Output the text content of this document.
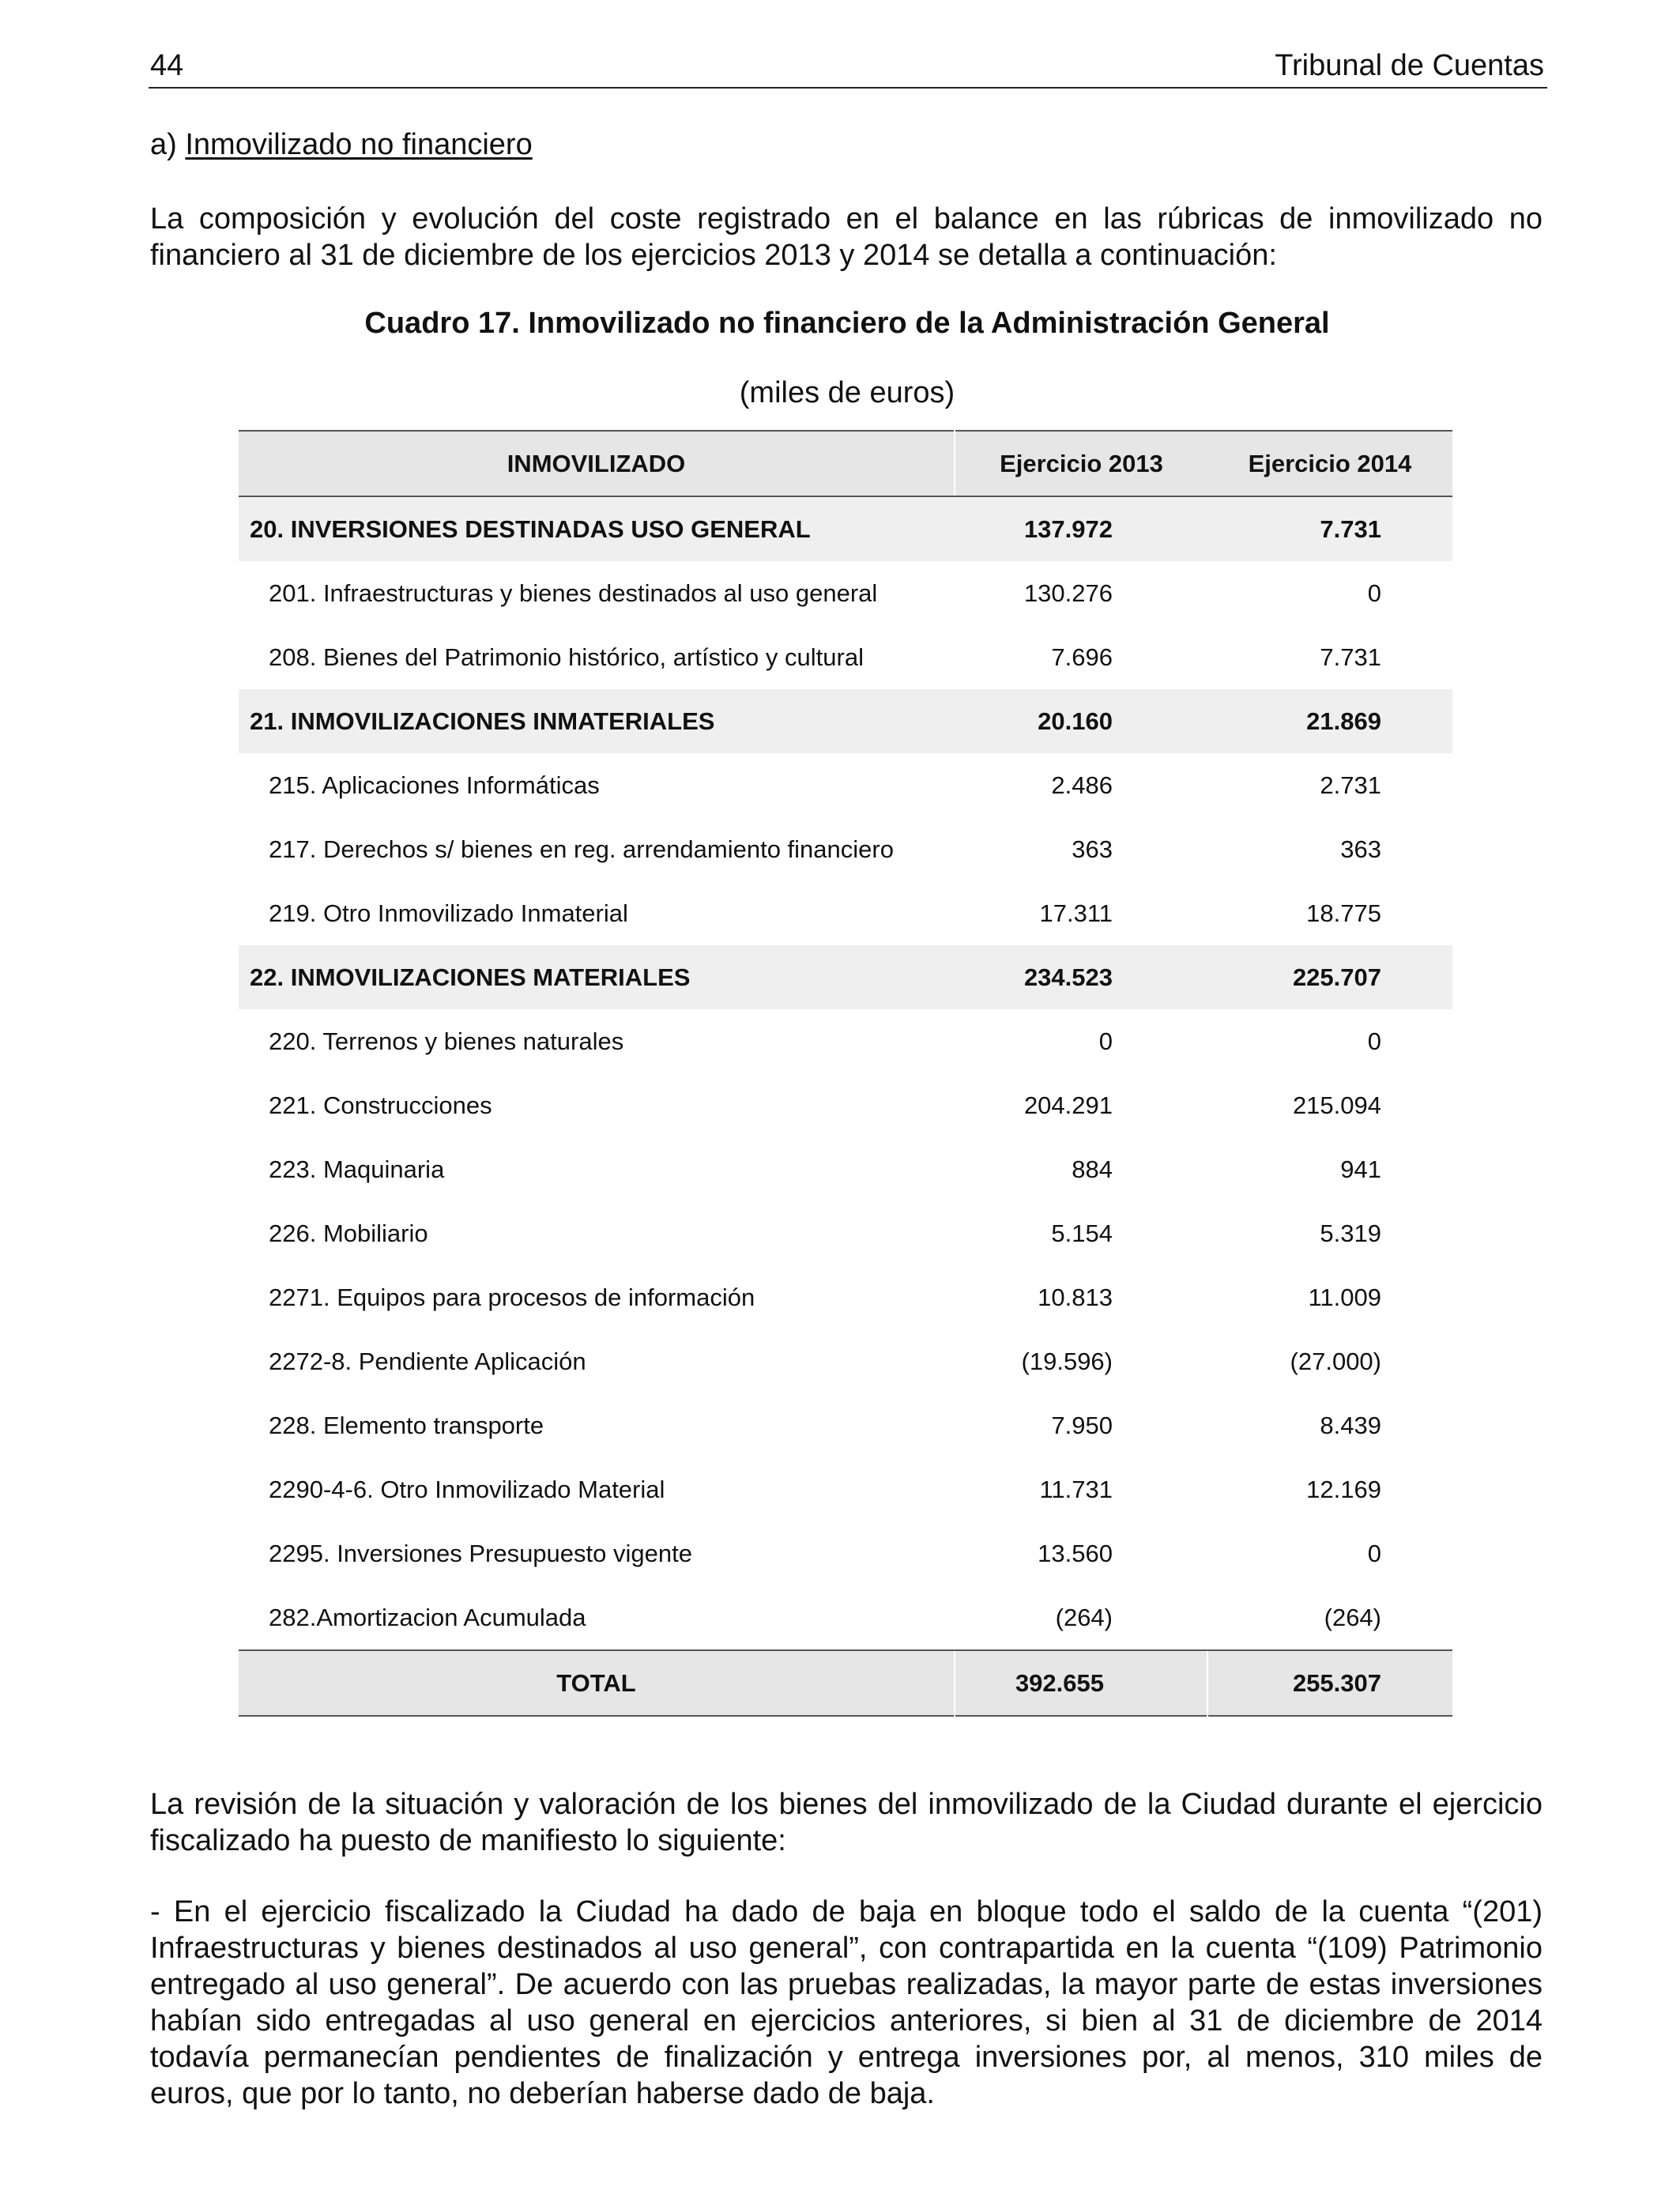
44	Tribunal de Cuentas
a) Inmovilizado no financiero
La composición y evolución del coste registrado en el balance en las rúbricas de inmovilizado no financiero al 31 de diciembre de los ejercicios 2013 y 2014 se detalla a continuación:
Cuadro 17. Inmovilizado no financiero de la Administración General
(miles de euros)
INMOVILIZADO	Ejercicio 2013	Ejercicio 2014
20. INVERSIONES DESTINADAS USO GENERAL	137.972	7.731
201. Infraestructuras y bienes destinados al uso general	130.276	0
208. Bienes del Patrimonio histórico, artístico y cultural	7.696	7.731
21. INMOVILIZACIONES INMATERIALES	20.160	21.869
215. Aplicaciones Informáticas	2.486	2.731
217. Derechos s/ bienes en reg. arrendamiento financiero	363	363
219. Otro Inmovilizado Inmaterial	17.311	18.775
22. INMOVILIZACIONES MATERIALES	234.523	225.707
220. Terrenos y bienes naturales	0	0
221. Construcciones	204.291	215.094
223. Maquinaria	884	941
226. Mobiliario	5.154	5.319
2271. Equipos para procesos de información	10.813	11.009
2272-8. Pendiente Aplicación	(19.596)	(27.000)
228. Elemento transporte	7.950	8.439
2290-4-6. Otro Inmovilizado Material	11.731	12.169
2295. Inversiones Presupuesto vigente	13.560	0
282.Amortizacion Acumulada	(264)	(264)
TOTAL	392.655	255.307
La revisión de la situación y valoración de los bienes del inmovilizado de la Ciudad durante el ejercicio fiscalizado ha puesto de manifiesto lo siguiente:
- En el ejercicio fiscalizado la Ciudad ha dado de baja en bloque todo el saldo de la cuenta “(201) Infraestructuras y bienes destinados al uso general”, con contrapartida en la cuenta “(109) Patrimonio entregado al uso general”. De acuerdo con las pruebas realizadas, la mayor parte de estas inversiones habían sido entregadas al uso general en ejercicios anteriores, si bien al 31 de diciembre de 2014 todavía permanecían pendientes de finalización y entrega inversiones por, al menos, 310 miles de euros, que por lo tanto, no deberían haberse dado de baja.
